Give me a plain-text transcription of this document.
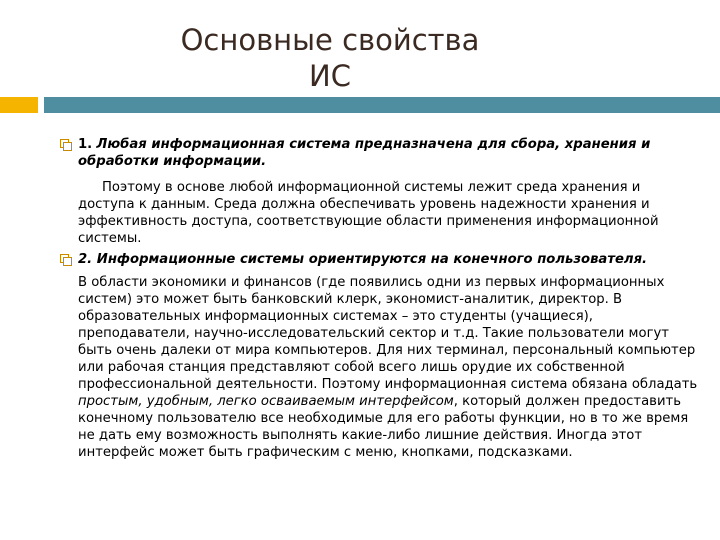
Основные свойства
ИС

1. Любая информационная система предназначена для сбора, хранения и обработки информации.

Поэтому в основе любой информационной системы лежит среда хранения и доступа к данным. Среда должна обеспечивать уровень надежности хранения и эффективность доступа, соответствующие области применения информационной системы.

2. Информационные системы ориентируются на конечного пользователя.

В области экономики и финансов (где появились одни из первых информационных систем) это может быть банковский клерк, экономист-аналитик, директор. В образовательных информационных системах – это студенты (учащиеся), преподаватели, научно-исследовательский сектор и т.д. Такие пользователи могут быть очень далеки от мира компьютеров. Для них терминал, персональный компьютер или рабочая станция представляют собой всего лишь орудие их собственной профессиональной деятельности. Поэтому информационная система обязана обладать простым, удобным, легко осваиваемым интерфейсом, который должен предоставить конечному пользователю все необходимые для его работы функции, но в то же время не дать ему возможность выполнять какие-либо лишние действия. Иногда этот интерфейс может быть графическим с меню, кнопками, подсказками.
